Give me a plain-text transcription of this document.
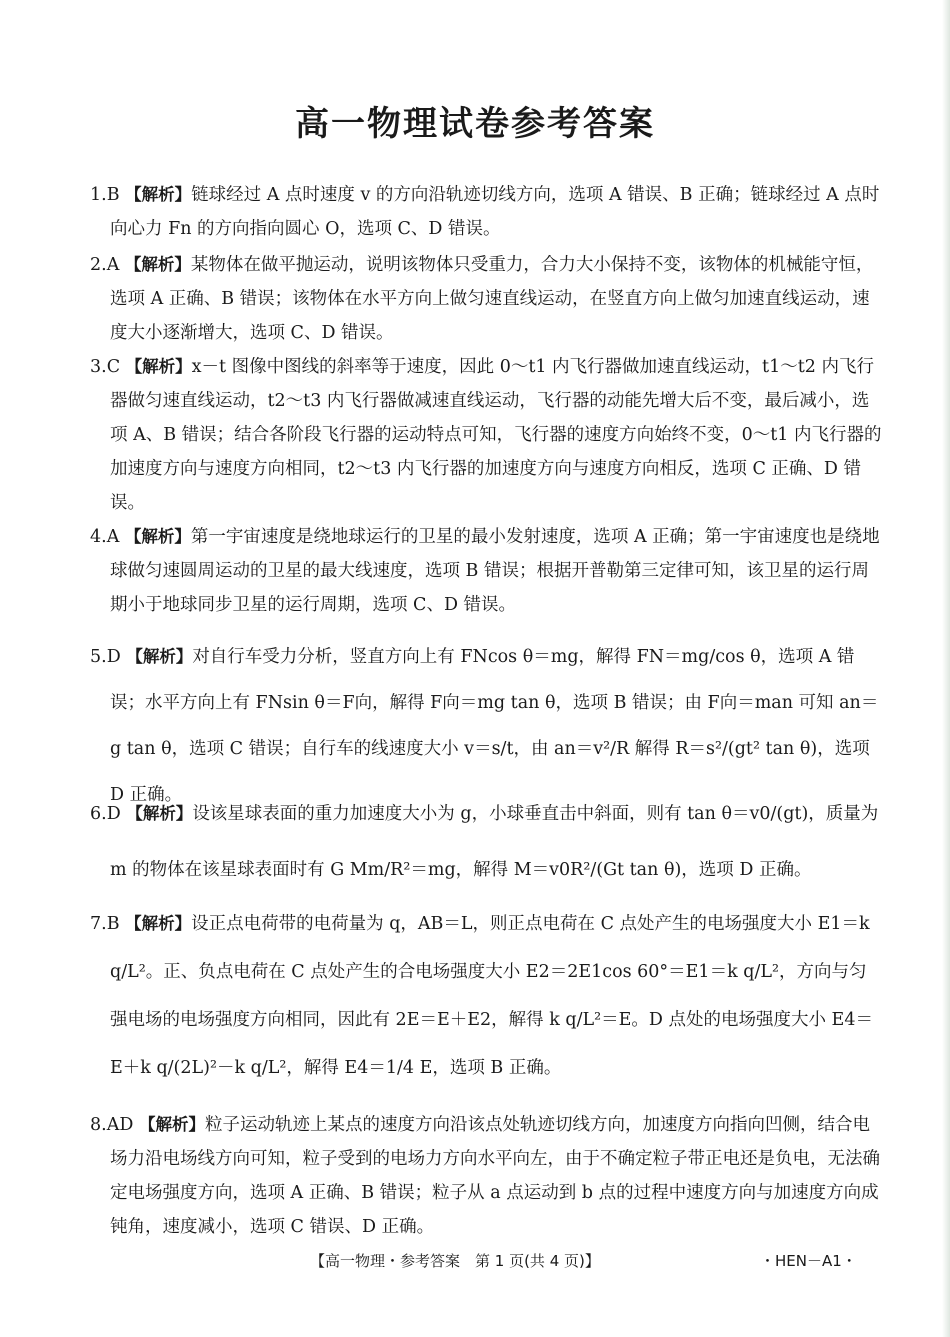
高一物理试卷参考答案

1.B 【解析】链球经过 A 点时速度 v 的方向沿轨迹切线方向，选项 A 错误、B 正确；链球经过 A 点时向心力 Fn 的方向指向圆心 O，选项 C、D 错误。

2.A 【解析】某物体在做平抛运动，说明该物体只受重力，合力大小保持不变，该物体的机械能守恒，选项 A 正确、B 错误；该物体在水平方向上做匀速直线运动，在竖直方向上做匀加速直线运动，速度大小逐渐增大，选项 C、D 错误。

3.C 【解析】x－t 图像中图线的斜率等于速度，因此 0～t1 内飞行器做加速直线运动，t1～t2 内飞行器做匀速直线运动，t2～t3 内飞行器做减速直线运动，飞行器的动能先增大后不变，最后减小，选项 A、B 错误；结合各阶段飞行器的运动特点可知，飞行器的速度方向始终不变，0～t1 内飞行器的加速度方向与速度方向相同，t2～t3 内飞行器的加速度方向与速度方向相反，选项 C 正确、D 错误。

4.A 【解析】第一宇宙速度是绕地球运行的卫星的最小发射速度，选项 A 正确；第一宇宙速度也是绕地球做匀速圆周运动的卫星的最大线速度，选项 B 错误；根据开普勒第三定律可知，该卫星的运行周期小于地球同步卫星的运行周期，选项 C、D 错误。

5.D 【解析】对自行车受力分析，竖直方向上有 FNcos θ＝mg，解得 FN＝mg/cos θ，选项 A 错误；水平方向上有 FNsin θ＝F向，解得 F向＝mg tan θ，选项 B 错误；由 F向＝man 可知 an＝g tan θ，选项 C 错误；自行车的线速度大小 v＝s/t，由 an＝v²/R 解得 R＝s²/(gt² tan θ)，选项 D 正确。

6.D 【解析】设该星球表面的重力加速度大小为 g，小球垂直击中斜面，则有 tan θ＝v0/(gt)，质量为 m 的物体在该星球表面时有 G Mm/R²＝mg，解得 M＝v0R²/(Gt tan θ)，选项 D 正确。

7.B 【解析】设正点电荷带的电荷量为 q，AB＝L，则正点电荷在 C 点处产生的电场强度大小 E1＝k q/L²。正、负点电荷在 C 点处产生的合电场强度大小 E2＝2E1cos 60°＝E1＝k q/L²，方向与匀强电场的电场强度方向相同，因此有 2E＝E＋E2，解得 k q/L²＝E。D 点处的电场强度大小 E4＝E＋k q/(2L)²－k q/L²，解得 E4＝1/4 E，选项 B 正确。

8.AD 【解析】粒子运动轨迹上某点的速度方向沿该点处轨迹切线方向，加速度方向指向凹侧，结合电场力沿电场线方向可知，粒子受到的电场力方向水平向左，由于不确定粒子带正电还是负电，无法确定电场强度方向，选项 A 正确、B 错误；粒子从 a 点运动到 b 点的过程中速度方向与加速度方向成钝角，速度减小，选项 C 错误、D 正确。

【高一物理・参考答案　第 1 页(共 4 页)】	・HEN－A1・
